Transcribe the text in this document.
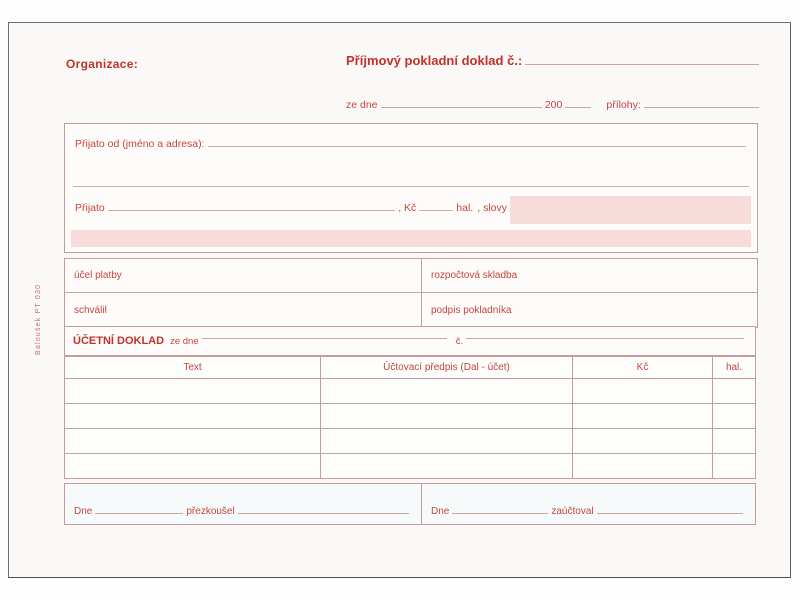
Organizace:	Příjmový pokladní doklad č.:
ze dne	200	přílohy:
Přijato od (jméno a adresa):
Přijato	, Kč	hal. , slovy
účel platby	rozpočtová skladba
schválil	podpis pokladníka
ÚČETNÍ DOKLAD ze dne	č.
Text	Účtovací předpis (Dal - účet)	Kč	hal.
Dne	přezkoušel	Dne	zaúčtoval
Baloušek PT 030
